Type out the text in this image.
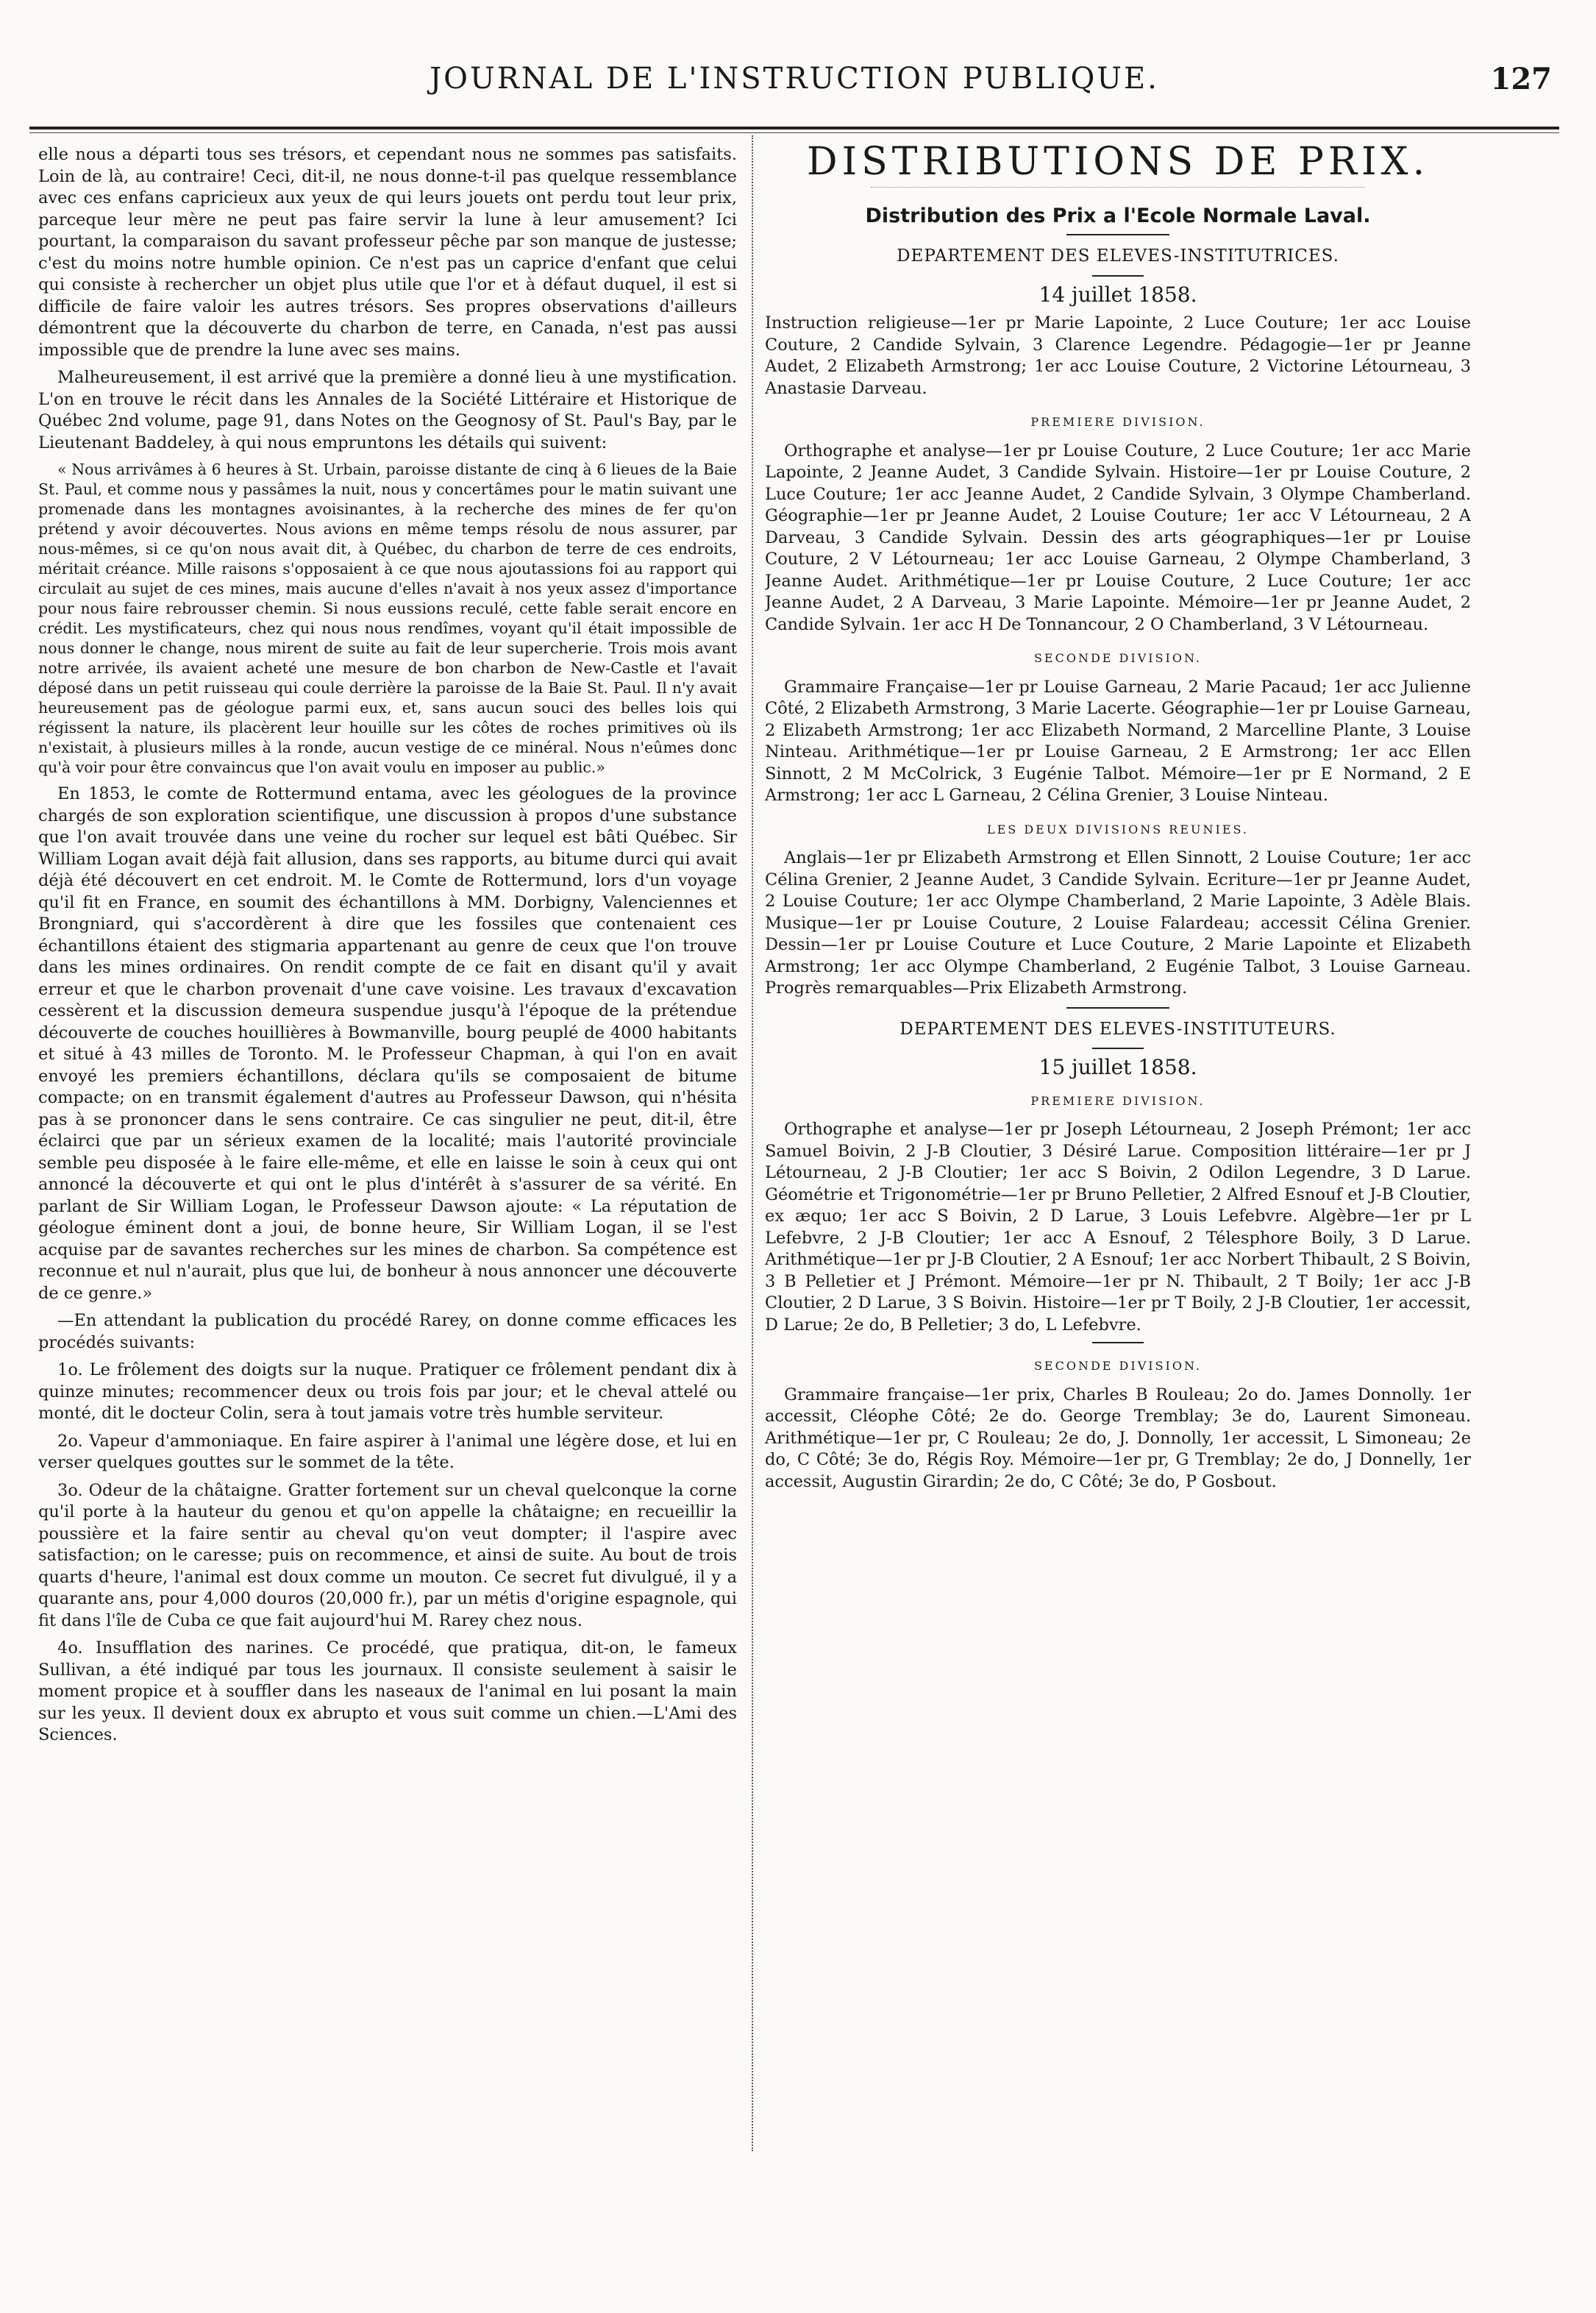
JOURNAL DE L'INSTRUCTION PUBLIQUE.	127

elle nous a départi tous ses trésors, et cependant nous ne sommes pas satisfaits. Loin de là, au contraire! Ceci, dit-il, ne nous donne-t-il pas quelque ressemblance avec ces enfans capricieux aux yeux de qui leurs jouets ont perdu tout leur prix, parceque leur mère ne peut pas faire servir la lune à leur amusement? Ici pourtant, la comparaison du savant professeur pêche par son manque de justesse; c'est du moins notre humble opinion. Ce n'est pas un caprice d'enfant que celui qui consiste à rechercher un objet plus utile que l'or et à défaut duquel, il est si difficile de faire valoir les autres trésors. Ses propres observations d'ailleurs démontrent que la découverte du charbon de terre, en Canada, n'est pas aussi impossible que de prendre la lune avec ses mains.

Malheureusement, il est arrivé que la première a donné lieu à une mystification. L'on en trouve le récit dans les Annales de la Société Littéraire et Historique de Québec 2nd volume, page 91, dans Notes on the Geognosy of St. Paul's Bay, par le Lieutenant Baddeley, à qui nous empruntons les détails qui suivent:

« Nous arrivâmes à 6 heures à St. Urbain, paroisse distante de cinq à 6 lieues de la Baie St. Paul, et comme nous y passâmes la nuit, nous y concertâmes pour le matin suivant une promenade dans les montagnes avoisinantes, à la recherche des mines de fer qu'on prétend y avoir découvertes. Nous avions en même temps résolu de nous assurer, par nous-mêmes, si ce qu'on nous avait dit, à Québec, du charbon de terre de ces endroits, méritait créance. Mille raisons s'opposaient à ce que nous ajoutassions foi au rapport qui circulait au sujet de ces mines, mais aucune d'elles n'avait à nos yeux assez d'importance pour nous faire rebrousser chemin. Si nous eussions reculé, cette fable serait encore en crédit. Les mystificateurs, chez qui nous nous rendîmes, voyant qu'il était impossible de nous donner le change, nous mirent de suite au fait de leur supercherie. Trois mois avant notre arrivée, ils avaient acheté une mesure de bon charbon de New-Castle et l'avait déposé dans un petit ruisseau qui coule derrière la paroisse de la Baie St. Paul. Il n'y avait heureusement pas de géologue parmi eux, et, sans aucun souci des belles lois qui régissent la nature, ils placèrent leur houille sur les côtes de roches primitives où ils n'existait, à plusieurs milles à la ronde, aucun vestige de ce minéral. Nous n'eûmes donc qu'à voir pour être convaincus que l'on avait voulu en imposer au public.»

En 1853, le comte de Rottermund entama, avec les géologues de la province chargés de son exploration scientifique, une discussion à propos d'une substance que l'on avait trouvée dans une veine du rocher sur lequel est bâti Québec. Sir William Logan avait déjà fait allusion, dans ses rapports, au bitume durci qui avait déjà été découvert en cet endroit. M. le Comte de Rottermund, lors d'un voyage qu'il fit en France, en soumit des échantillons à MM. Dorbigny, Valenciennes et Brongniard, qui s'accordèrent à dire que les fossiles que contenaient ces échantillons étaient des stigmaria appartenant au genre de ceux que l'on trouve dans les mines ordinaires. On rendit compte de ce fait en disant qu'il y avait erreur et que le charbon provenait d'une cave voisine. Les travaux d'excavation cessèrent et la discussion demeura suspendue jusqu'à l'époque de la prétendue découverte de couches houillières à Bowmanville, bourg peuplé de 4000 habitants et situé à 43 milles de Toronto. M. le Professeur Chapman, à qui l'on en avait envoyé les premiers échantillons, déclara qu'ils se composaient de bitume compacte; on en transmit également d'autres au Professeur Dawson, qui n'hésita pas à se prononcer dans le sens contraire. Ce cas singulier ne peut, dit-il, être éclairci que par un sérieux examen de la localité; mais l'autorité provinciale semble peu disposée à le faire elle-même, et elle en laisse le soin à ceux qui ont annoncé la découverte et qui ont le plus d'intérêt à s'assurer de sa vérité. En parlant de Sir William Logan, le Professeur Dawson ajoute: « La réputation de géologue éminent dont a joui, de bonne heure, Sir William Logan, il se l'est acquise par de savantes recherches sur les mines de charbon. Sa compétence est reconnue et nul n'aurait, plus que lui, de bonheur à nous annoncer une découverte de ce genre.»

—En attendant la publication du procédé Rarey, on donne comme efficaces les procédés suivants:

1o. Le frôlement des doigts sur la nuque. Pratiquer ce frôlement pendant dix à quinze minutes; recommencer deux ou trois fois par jour; et le cheval attelé ou monté, dit le docteur Colin, sera à tout jamais votre très humble serviteur.

2o. Vapeur d'ammoniaque. En faire aspirer à l'animal une légère dose, et lui en verser quelques gouttes sur le sommet de la tête.

3o. Odeur de la châtaigne. Gratter fortement sur un cheval quelconque la corne qu'il porte à la hauteur du genou et qu'on appelle la châtaigne; en recueillir la poussière et la faire sentir au cheval qu'on veut dompter; il l'aspire avec satisfaction; on le caresse; puis on recommence, et ainsi de suite. Au bout de trois quarts d'heure, l'animal est doux comme un mouton. Ce secret fut divulgué, il y a quarante ans, pour 4,000 douros (20,000 fr.), par un métis d'origine espagnole, qui fit dans l'île de Cuba ce que fait aujourd'hui M. Rarey chez nous.

4o. Insufflation des narines. Ce procédé, que pratiqua, dit-on, le fameux Sullivan, a été indiqué par tous les journaux. Il consiste seulement à saisir le moment propice et à souffler dans les naseaux de l'animal en lui posant la main sur les yeux. Il devient doux ex abrupto et vous suit comme un chien.—L'Ami des Sciences.

DISTRIBUTIONS DE PRIX.
Distribution des Prix a l'Ecole Normale Laval.
DEPARTEMENT DES ELEVES-INSTITUTRICES.
14 juillet 1858.

Instruction religieuse—1er pr Marie Lapointe, 2 Luce Couture; 1er acc Louise Couture, 2 Candide Sylvain, 3 Clarence Legendre. Pédagogie—1er pr Jeanne Audet, 2 Elizabeth Armstrong; 1er acc Louise Couture, 2 Victorine Létourneau, 3 Anastasie Darveau.

PREMIERE DIVISION.

Orthographe et analyse—1er pr Louise Couture, 2 Luce Couture; 1er acc Marie Lapointe, 2 Jeanne Audet, 3 Candide Sylvain. Histoire—1er pr Louise Couture, 2 Luce Couture; 1er acc Jeanne Audet, 2 Candide Sylvain, 3 Olympe Chamberland. Géographie—1er pr Jeanne Audet, 2 Louise Couture; 1er acc V Létourneau, 2 A Darveau, 3 Candide Sylvain. Dessin des arts géographiques—1er pr Louise Couture, 2 V Létourneau; 1er acc Louise Garneau, 2 Olympe Chamberland, 3 Jeanne Audet. Arithmétique—1er pr Louise Couture, 2 Luce Couture; 1er acc Jeanne Audet, 2 A Darveau, 3 Marie Lapointe. Mémoire—1er pr Jeanne Audet, 2 Candide Sylvain. 1er acc H De Tonnancour, 2 O Chamberland, 3 V Létourneau.

SECONDE DIVISION.

Grammaire Française—1er pr Louise Garneau, 2 Marie Pacaud; 1er acc Julienne Côté, 2 Elizabeth Armstrong, 3 Marie Lacerte. Géographie—1er pr Louise Garneau, 2 Elizabeth Armstrong; 1er acc Elizabeth Normand, 2 Marcelline Plante, 3 Louise Ninteau. Arithmétique—1er pr Louise Garneau, 2 E Armstrong; 1er acc Ellen Sinnott, 2 M McColrick, 3 Eugénie Talbot. Mémoire—1er pr E Normand, 2 E Armstrong; 1er acc L Garneau, 2 Célina Grenier, 3 Louise Ninteau.

LES DEUX DIVISIONS REUNIES.

Anglais—1er pr Elizabeth Armstrong et Ellen Sinnott, 2 Louise Couture; 1er acc Célina Grenier, 2 Jeanne Audet, 3 Candide Sylvain. Ecriture—1er pr Jeanne Audet, 2 Louise Couture; 1er acc Olympe Chamberland, 2 Marie Lapointe, 3 Adèle Blais. Musique—1er pr Louise Couture, 2 Louise Falardeau; accessit Célina Grenier. Dessin—1er pr Louise Couture et Luce Couture, 2 Marie Lapointe et Elizabeth Armstrong; 1er acc Olympe Chamberland, 2 Eugénie Talbot, 3 Louise Garneau. Progrès remarquables—Prix Elizabeth Armstrong.

DEPARTEMENT DES ELEVES-INSTITUTEURS.
15 juillet 1858.
PREMIERE DIVISION.

Orthographe et analyse—1er pr Joseph Létourneau, 2 Joseph Prémont; 1er acc Samuel Boivin, 2 J-B Cloutier, 3 Désiré Larue. Composition littéraire—1er pr J Létourneau, 2 J-B Cloutier; 1er acc S Boivin, 2 Odilon Legendre, 3 D Larue. Géométrie et Trigonométrie—1er pr Bruno Pelletier, 2 Alfred Esnouf et J-B Cloutier, ex æquo; 1er acc S Boivin, 2 D Larue, 3 Louis Lefebvre. Algèbre—1er pr L Lefebvre, 2 J-B Cloutier; 1er acc A Esnouf, 2 Télesphore Boily, 3 D Larue. Arithmétique—1er pr J-B Cloutier, 2 A Esnouf; 1er acc Norbert Thibault, 2 S Boivin, 3 B Pelletier et J Prémont. Mémoire—1er pr N. Thibault, 2 T Boily; 1er acc J-B Cloutier, 2 D Larue, 3 S Boivin. Histoire—1er pr T Boily, 2 J-B Cloutier, 1er accessit, D Larue; 2e do, B Pelletier; 3 do, L Lefebvre.

SECONDE DIVISION.

Grammaire française—1er prix, Charles B Rouleau; 2o do. James Donnolly. 1er accessit, Cléophe Côté; 2e do. George Tremblay; 3e do, Laurent Simoneau. Arithmétique—1er pr, C Rouleau; 2e do, J. Donnolly, 1er accessit, L Simoneau; 2e do, C Côté; 3e do, Régis Roy. Mémoire—1er pr, G Tremblay; 2e do, J Donnelly, 1er accessit, Augustin Girardin; 2e do, C Côté; 3e do, P Gosbout.
